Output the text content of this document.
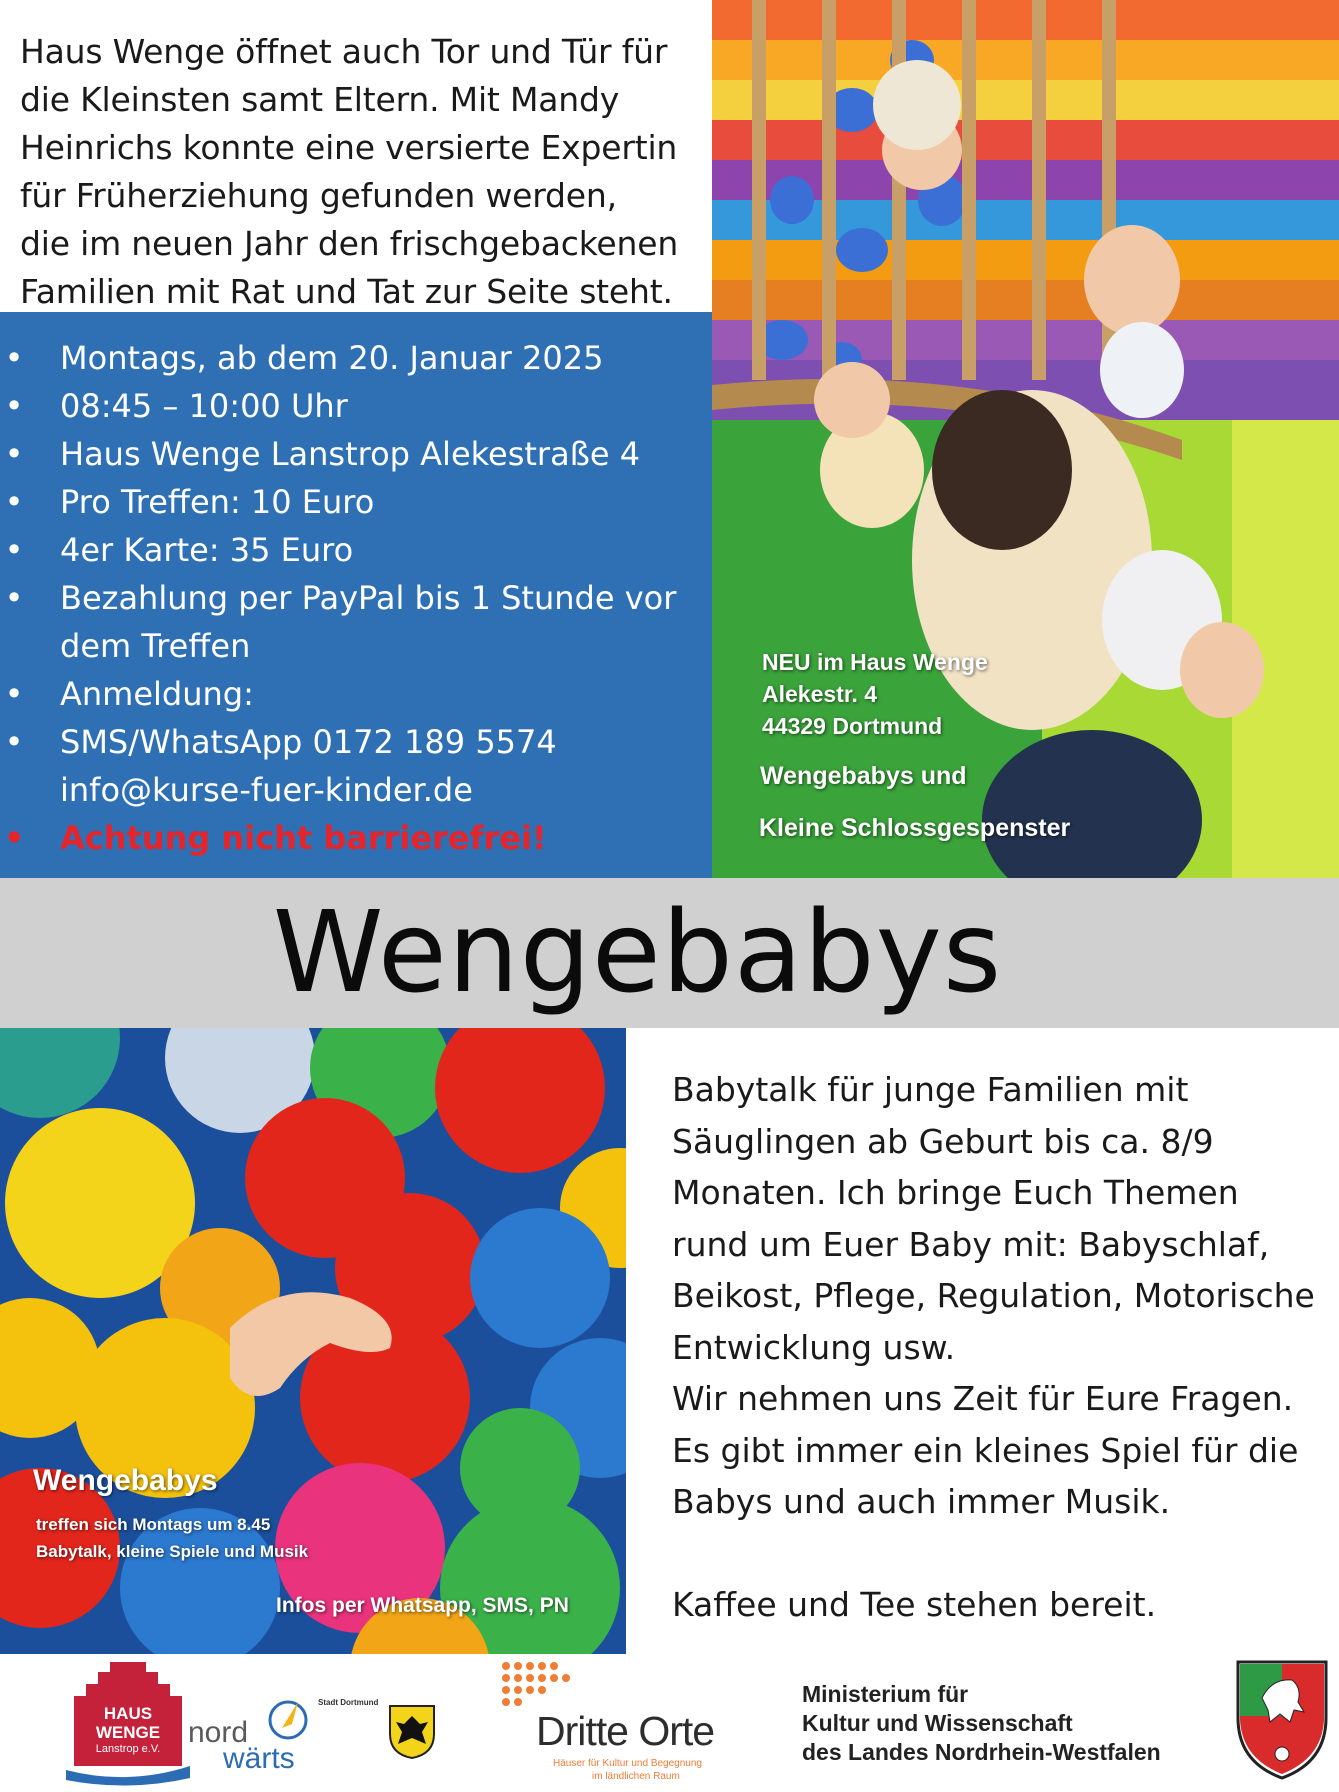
Haus Wenge öffnet auch Tor und Tür für
die Kleinsten samt Eltern. Mit Mandy
Heinrichs konnte eine versierte Expertin
für Früherziehung gefunden werden,
die im neuen Jahr den frischgebackenen
Familien mit Rat und Tat zur Seite steht.
• Montags, ab dem 20. Januar 2025
• 08:45 – 10:00 Uhr
• Haus Wenge Lanstrop Alekestraße 4
• Pro Treffen: 10 Euro
• 4er Karte: 35 Euro
• Bezahlung per PayPal bis 1 Stunde vor
dem Treffen
• Anmeldung:
• SMS/WhatsApp 0172 189 5574
info@kurse-fuer-kinder.de
• Achtung nicht barrierefrei!
NEU im Haus Wenge
Alekestr. 4
44329 Dortmund
Wengebabys und
Kleine Schlossgespenster
Wengebabys
Wengebabys
treffen sich Montags um 8.45
Babytalk, kleine Spiele und Musik
Infos per Whatsapp, SMS, PN

Babytalk für junge Familien mit

Säuglingen ab Geburt bis ca. 8/9

Monaten. Ich bringe Euch Themen

rund um Euer Baby mit: Babyschlaf,

Beikost, Pflege, Regulation, Motorische

Entwicklung usw.

Wir nehmen uns Zeit für Eure Fragen.

Es gibt immer ein kleines Spiel für die

Babys und auch immer Musik.

Kaffee und Tee stehen bereit.

HAUS
WENGE
Lanstrop e.V. nord
wärts
Stadt Dortmund
Dritte Orte
Häuser für Kultur und Begegnung
im ländlichen Raum
Ministerium für
Kultur und Wissenschaft
des Landes Nordrhein-Westfalen
